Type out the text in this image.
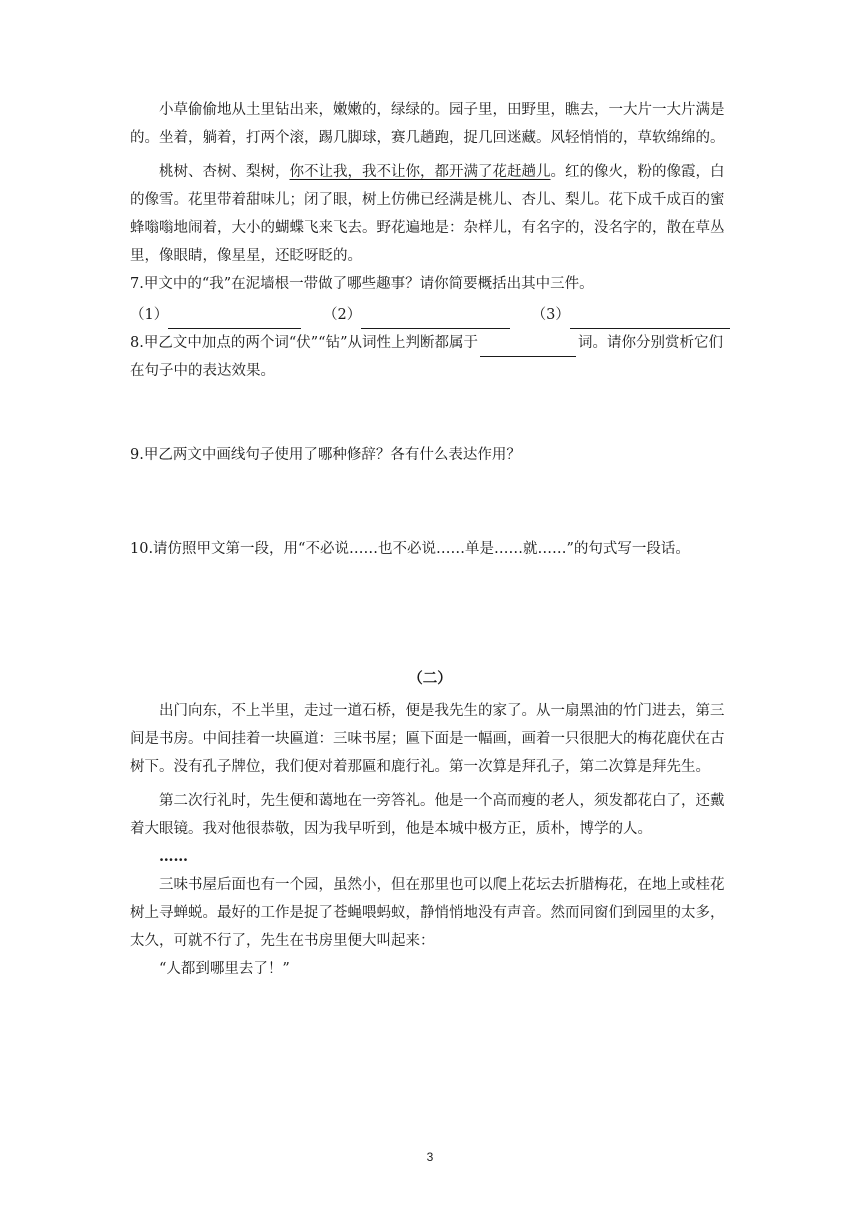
小草偷偷地从土里钻出来，嫩嫩的，绿绿的。园子里，田野里，瞧去，一大片一大片满是的。坐着，躺着，打两个滚，踢几脚球，赛几趟跑，捉几回迷藏。风轻悄悄的，草软绵绵的。

桃树、杏树、梨树，你不让我，我不让你，都开满了花赶趟儿。红的像火，粉的像霞，白的像雪。花里带着甜味儿；闭了眼，树上仿佛已经满是桃儿、杏儿、梨儿。花下成千成百的蜜蜂嗡嗡地闹着，大小的蝴蝶飞来飞去。野花遍地是：杂样儿，有名字的，没名字的，散在草丛里，像眼睛，像星星，还眨呀眨的。

7.甲文中的“我”在泥墙根一带做了哪些趣事？请你简要概括出其中三件。

（1）	（2）	（3）

8.甲乙文中加点的两个词“伏”“钻”从词性上判断都属于	词。请你分别赏析它们在句子中的表达效果。

9.甲乙两文中画线句子使用了哪种修辞？各有什么表达作用？

10.请仿照甲文第一段，用“不必说……也不必说……单是……就……”的句式写一段话。

（二）

出门向东，不上半里，走过一道石桥，便是我先生的家了。从一扇黑油的竹门进去，第三间是书房。中间挂着一块匾道：三味书屋；匾下面是一幅画，画着一只很肥大的梅花鹿伏在古树下。没有孔子牌位，我们便对着那匾和鹿行礼。第一次算是拜孔子，第二次算是拜先生。

第二次行礼时，先生便和蔼地在一旁答礼。他是一个高而瘦的老人，须发都花白了，还戴着大眼镜。我对他很恭敬，因为我早听到，他是本城中极方正，质朴，博学的人。

……

三味书屋后面也有一个园，虽然小，但在那里也可以爬上花坛去折腊梅花，在地上或桂花树上寻蝉蜕。最好的工作是捉了苍蝇喂蚂蚁，静悄悄地没有声音。然而同窗们到园里的太多，太久，可就不行了，先生在书房里便大叫起来：

“人都到哪里去了！”

3
